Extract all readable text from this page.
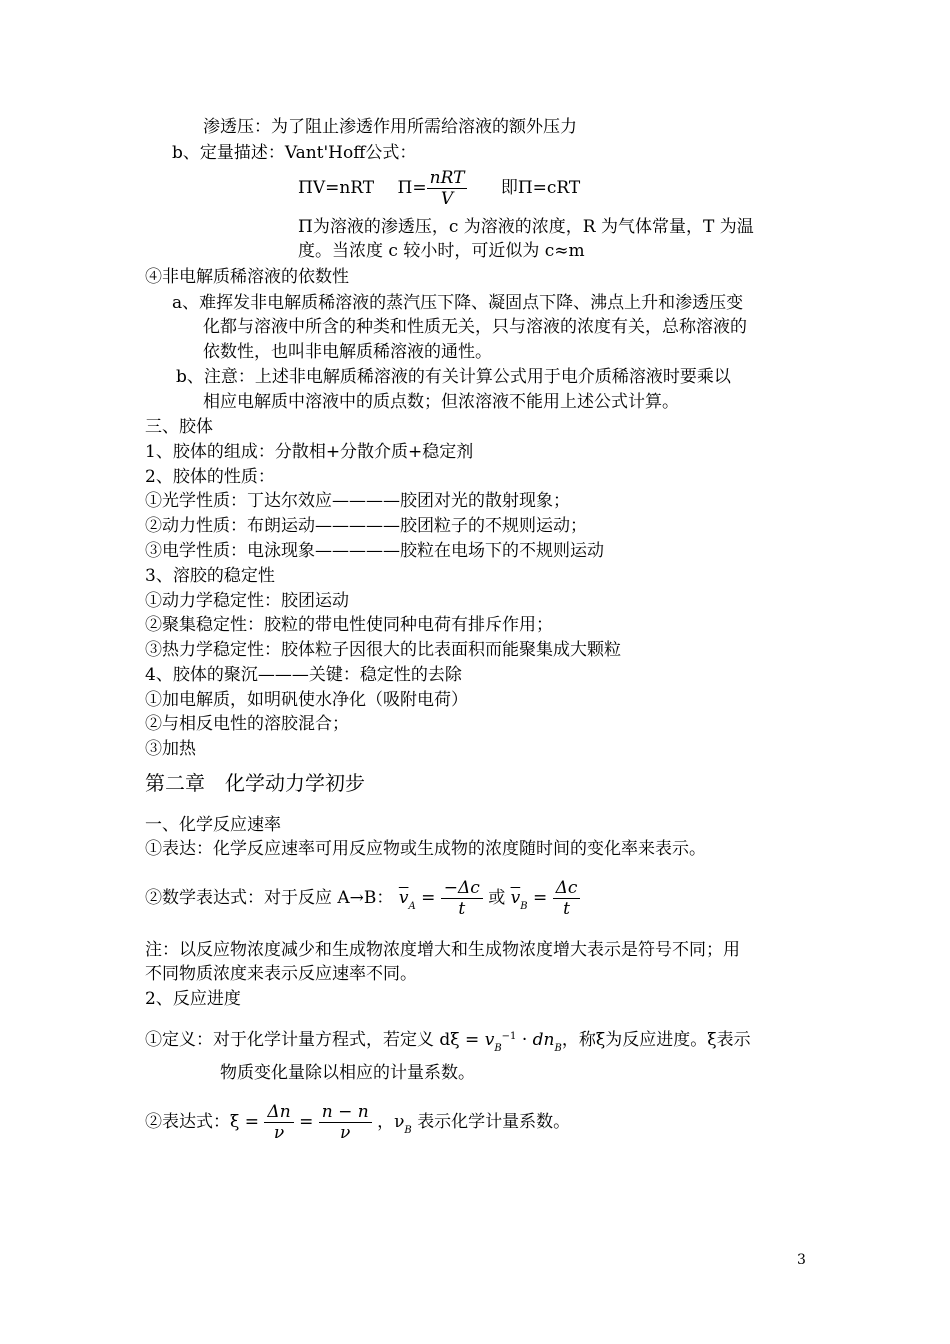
渗透压：为了阻止渗透作用所需给溶液的额外压力
b、定量描述：Vant'Hoff公式：
ΠV=nRT $\Pi= \frac{\text{nRT}}{V}$ 即Π=cRT
Π为溶液的渗透压，c 为溶液的浓度，R 为气体常量，T 为温
度。当浓度 c 较小时，可近似为 c≈m
④非电解质稀溶液的依数性
a、难挥发非电解质稀溶液的蒸汽压下降、凝固点下降、沸点上升和渗透压变
化都与溶液中所含的种类和性质无关，只与溶液的浓度有关，总称溶液的
依数性，也叫非电解质稀溶液的通性。
b、注意：上述非电解质稀溶液的有关计算公式用于电介质稀溶液时要乘以
相应电解质中溶液中的质点数；但浓溶液不能用上述公式计算。
三、胶体
1、胶体的组成：分散相+分散介质+稳定剂
2、胶体的性质：
①光学性质：丁达尔效应————胶团对光的散射现象；
②动力性质：布朗运动—————胶团粒子的不规则运动；
③电学性质：电泳现象—————胶粒在电场下的不规则运动
3、溶胶的稳定性
①动力学稳定性：胶团运动
②聚集稳定性：胶粒的带电性使同种电荷有排斥作用；
③热力学稳定性：胶体粒子因很大的比表面积而能聚集成大颗粒
4、胶体的聚沉———关键：稳定性的去除
①加电解质，如明矾使水净化（吸附电荷）
②与相反电性的溶胶混合；
③加热
第二章　化学动力学初步
一、化学反应速率
①表达：化学反应速率可用反应物或生成物的浓度随时间的变化率来表示。
②数学表达式：对于反应 A→B： $\overline{v}_A = \frac{-\Delta c}{t}$ 或 $\overline{v}_B = \frac{\Delta c}{t}$
注：以反应物浓度减少和生成物浓度增大和生成物浓度增大表示是符号不同；用
不同物质浓度来表示反应速率不同。
2、反应进度
①定义：对于化学计量方程式，若定义 $d\xi = v_B^{-1} \cdot dn_B$，称ξ为反应进度。ξ表示
物质变化量除以相应的计量系数。
②表达式：$\xi = \frac{\Delta n}{\nu} = \frac{n - n}{\nu}$ ，$\nu_B$ 表示化学计量系数。
3
